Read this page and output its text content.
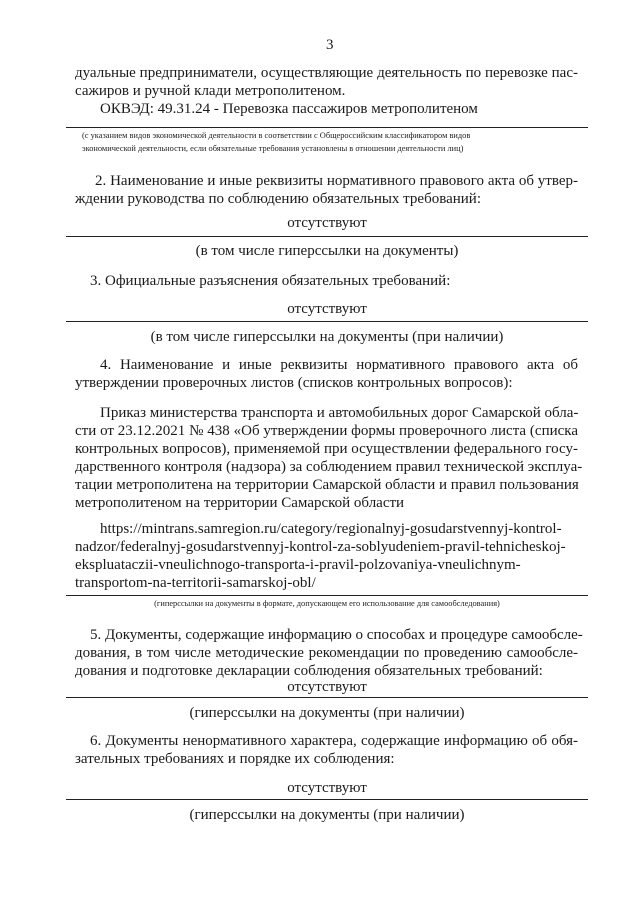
3

дуальные предприниматели, осуществляющие деятельность по перевозке пас-

сажиров и ручной клади метрополитеном.

ОКВЭД: 49.31.24 - Перевозка пассажиров метрополитеном

(с указанием видов экономической деятельности в соответствии с Общероссийским классификатором видов

экономической деятельности, если обязательные требования установлены в отношении деятельности лиц)

2. Наименование и иные реквизиты нормативного правового акта об утвер-

ждении руководства по соблюдению обязательных требований:

отсутствуют

(в том числе гиперссылки на документы)

3. Официальные разъяснения обязательных требований:

отсутствуют

(в том числе гиперссылки на документы (при наличии)

4. Наименование и иные реквизиты нормативного правового акта об

утверждении проверочных листов (списков контрольных вопросов):

Приказ министерства транспорта и автомобильных дорог Самарской обла-

сти от 23.12.2021 № 438 «Об утверждении формы проверочного листа (списка

контрольных вопросов), применяемой при осуществлении федерального госу-

дарственного контроля (надзора) за соблюдением правил технической эксплуа-

тации метрополитена на территории Самарской области и правил пользования

метрополитеном на территории Самарской области

https://mintrans.samregion.ru/category/regionalnyj-gosudarstvennyj-kontrol-

nadzor/federalnyj-gosudarstvennyj-kontrol-za-soblyudeniem-pravil-tehnicheskoj-

ekspluataczii-vneulichnogo-transporta-i-pravil-polzovaniya-vneulichnym-

transportom-na-territorii-samarskoj-obl/

(гиперссылки на документы в формате, допускающем его использование для самообследования)

5. Документы, содержащие информацию о способах и процедуре самообсле-

дования, в том числе методические рекомендации по проведению самообсле-

дования и подготовке декларации соблюдения обязательных требований:

отсутствуют

(гиперссылки на документы (при наличии)

6. Документы ненормативного характера, содержащие информацию об обя-

зательных требованиях и порядке их соблюдения:

отсутствуют

(гиперссылки на документы (при наличии)
